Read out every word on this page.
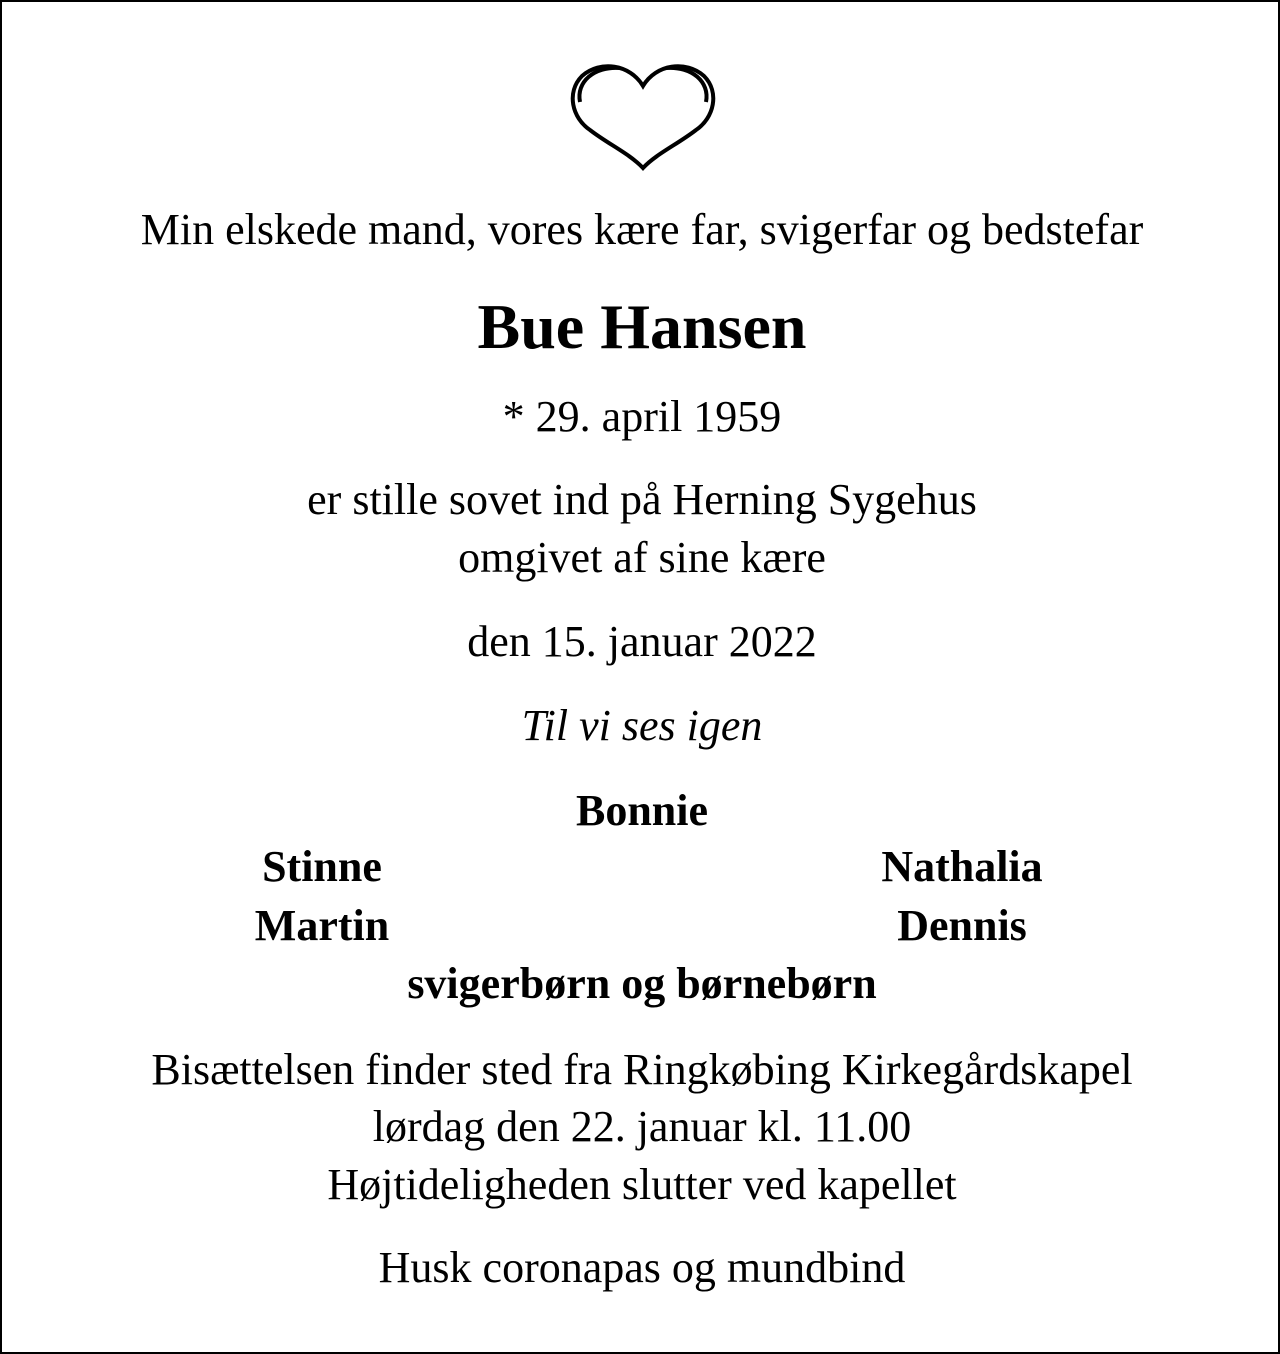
Min elskede mand, vores kære far, svigerfar og bedstefar
Bue Hansen
* 29. april 1959
er stille sovet ind på Herning Sygehus
omgivet af sine kære
den 15. januar 2022
Til vi ses igen
Bonnie
Stinne	Nathalia
Martin	Dennis
svigerbørn og børnebørn
Bisættelsen finder sted fra Ringkøbing Kirkegårdskapel
lørdag den 22. januar kl. 11.00
Højtideligheden slutter ved kapellet
Husk coronapas og mundbind
